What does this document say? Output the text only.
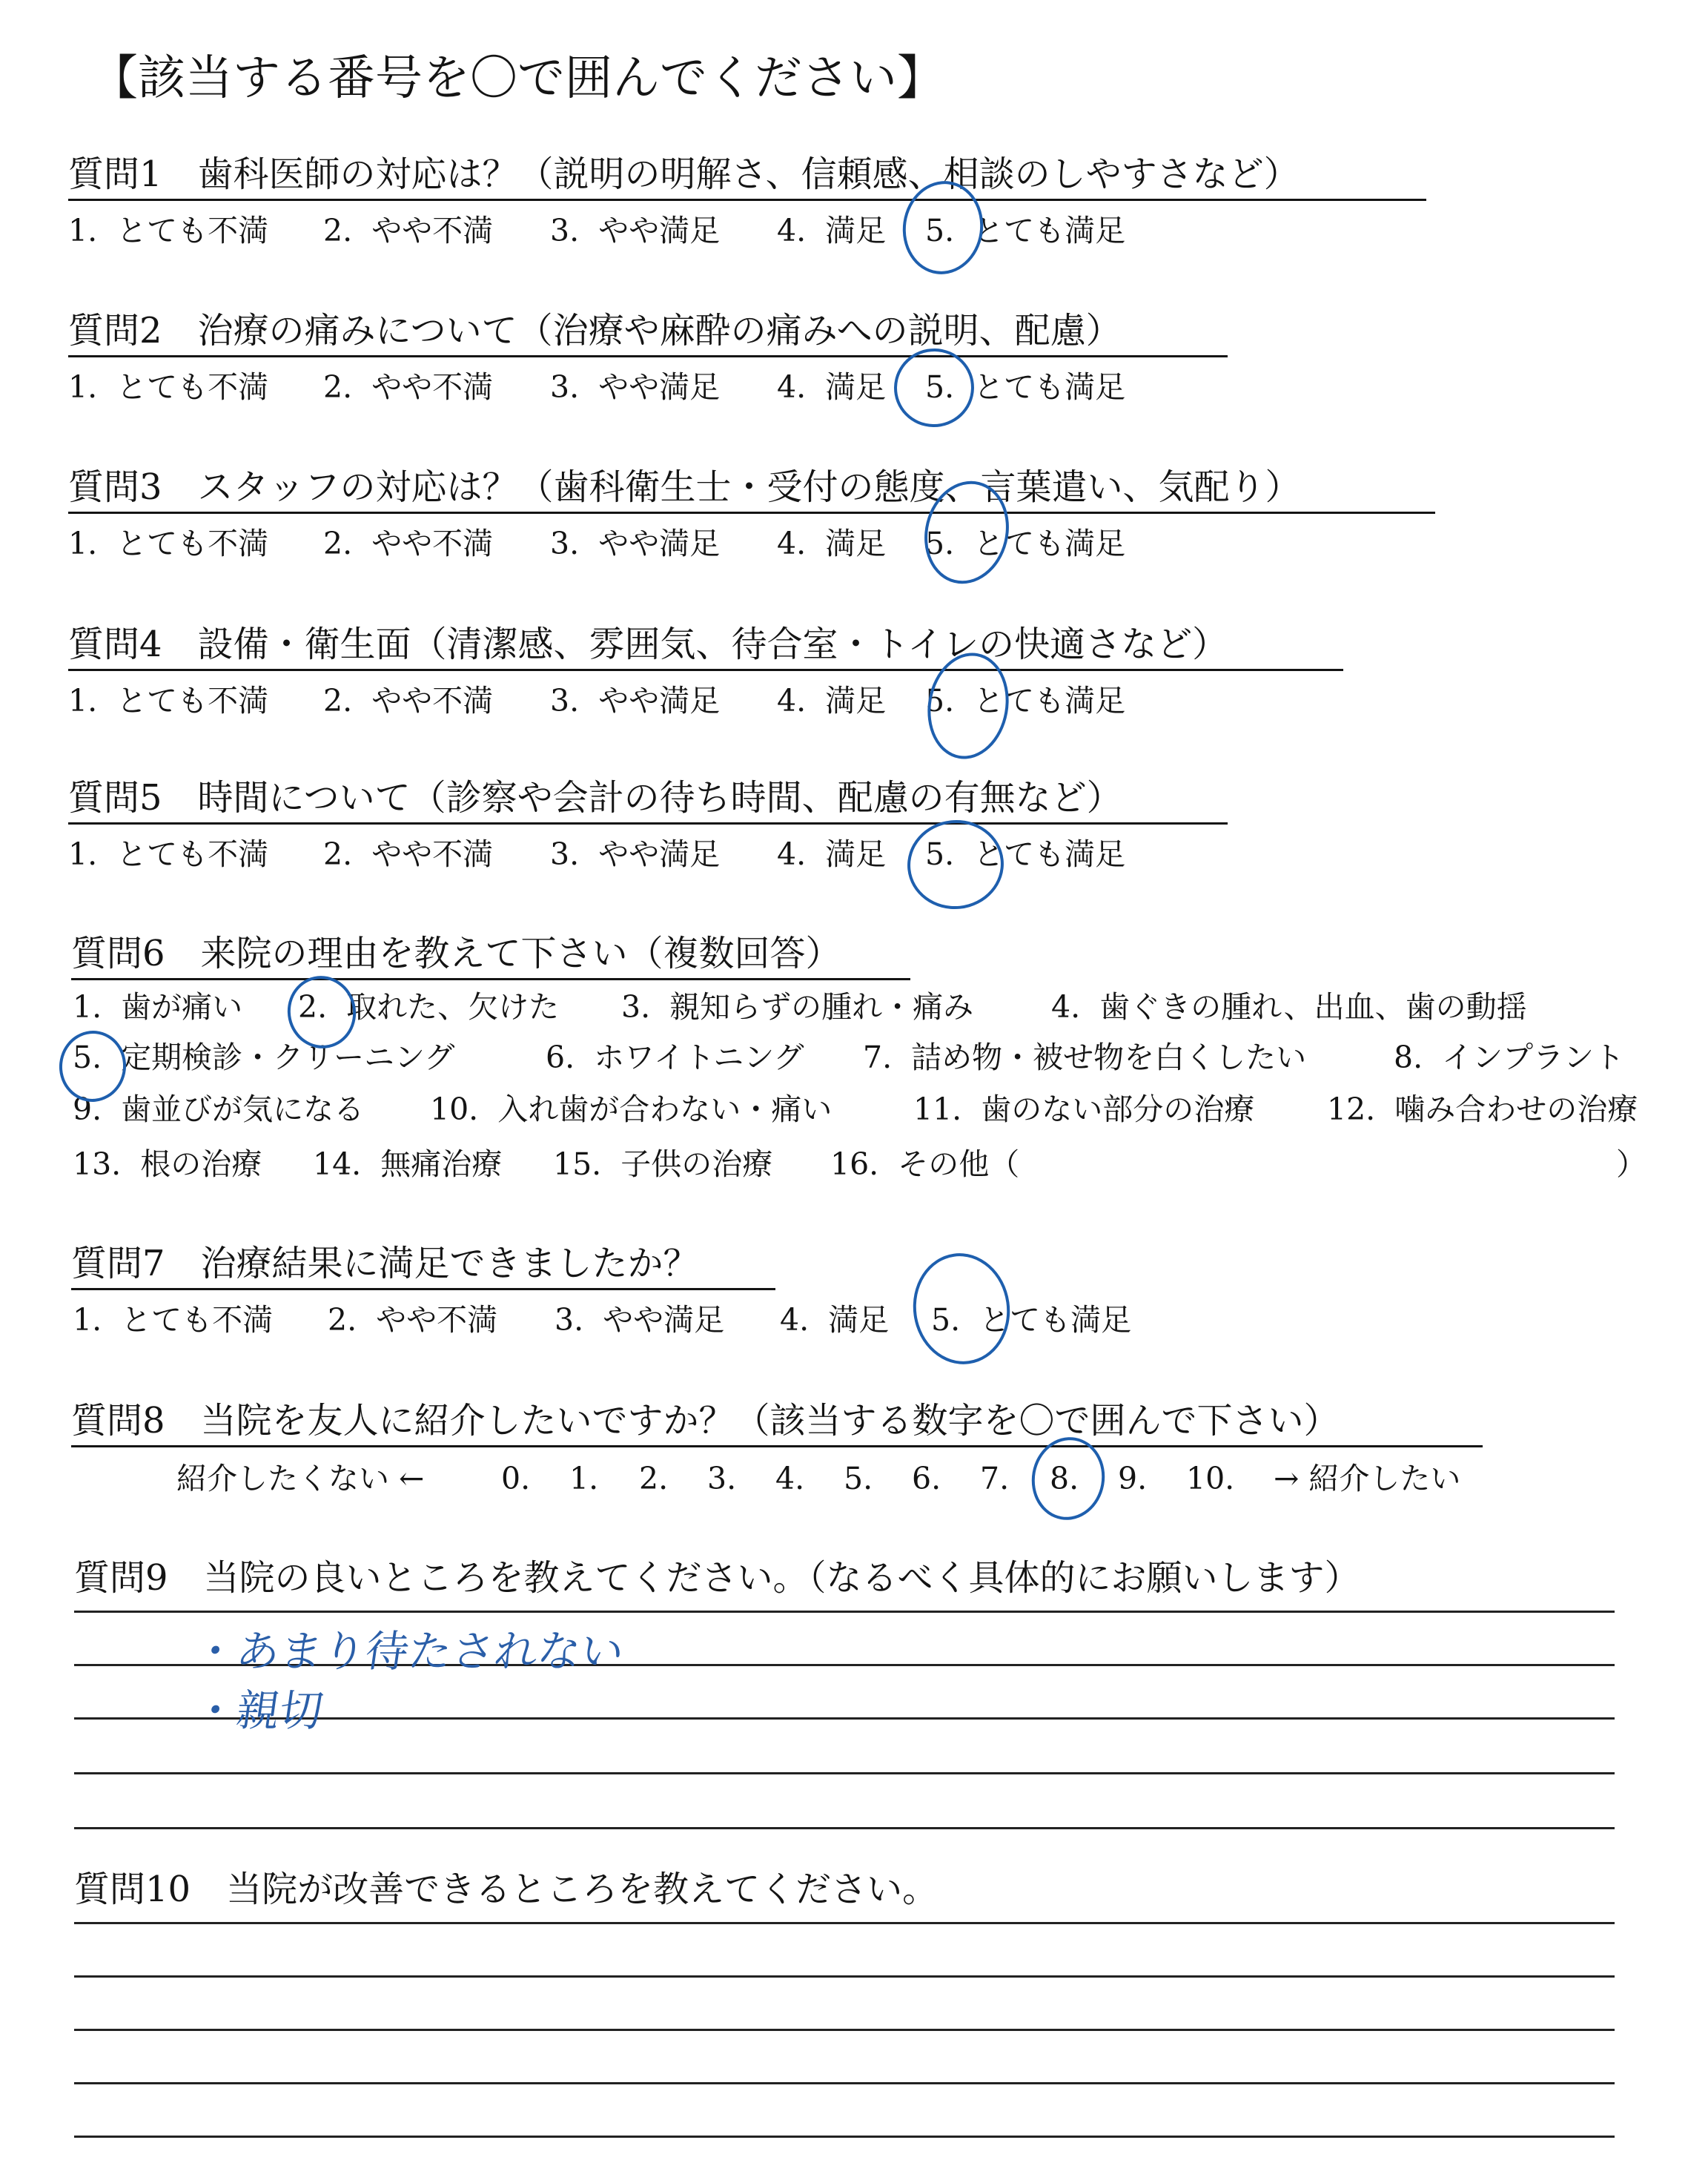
【該当する番号を〇で囲んでください】
質問1　歯科医師の対応は？（説明の明解さ、信頼感、相談のしやすさなど）
1.  とても不満 2.  やや不満 3.  やや満足 4.  満足 5.  とても満足
質問2　治療の痛みについて（治療や麻酔の痛みへの説明、配慮）
1.  とても不満 2.  やや不満 3.  やや満足 4.  満足 5.  とても満足
質問3　スタッフの対応は？（歯科衛生士・受付の態度、言葉遣い、気配り）
1.  とても不満 2.  やや不満 3.  やや満足 4.  満足 5.  とても満足
質問4　設備・衛生面（清潔感、雰囲気、待合室・トイレの快適さなど）
1.  とても不満 2.  やや不満 3.  やや満足 4.  満足 5.  とても満足
質問5　時間について（診察や会計の待ち時間、配慮の有無など）
1.  とても不満 2.  やや不満 3.  やや満足 4.  満足 5.  とても満足
質問6　来院の理由を教えて下さい（複数回答）
1.  歯が痛い 2.  取れた、欠けた 3.  親知らずの腫れ・痛み	4.  歯ぐきの腫れ、出血、歯の動揺
5.  定期検診・クリーニング	6.  ホワイトニング 7.  詰め物・被せ物を白くしたい	8.  インプラント
9.  歯並びが気になる 10.  入れ歯が合わない・痛い	11.  歯のない部分の治療 12.  噛み合わせの治療
13.  根の治療 14.  無痛治療 15.  子供の治療 16.  その他（	）
質問7　治療結果に満足できましたか？
1.  とても不満 2.  やや不満 3.  やや満足 4.  満足 5.  とても満足
質問8　当院を友人に紹介したいですか？（該当する数字を〇で囲んで下さい）
紹介したくない ←	0. 1. 2. 3. 4. 5. 6. 7. 8. 9. 10. → 紹介したい
質問9　当院の良いところを教えてください。（なるべく具体的にお願いします）
・あまり待たされない
・親切
質問10　当院が改善できるところを教えてください。
